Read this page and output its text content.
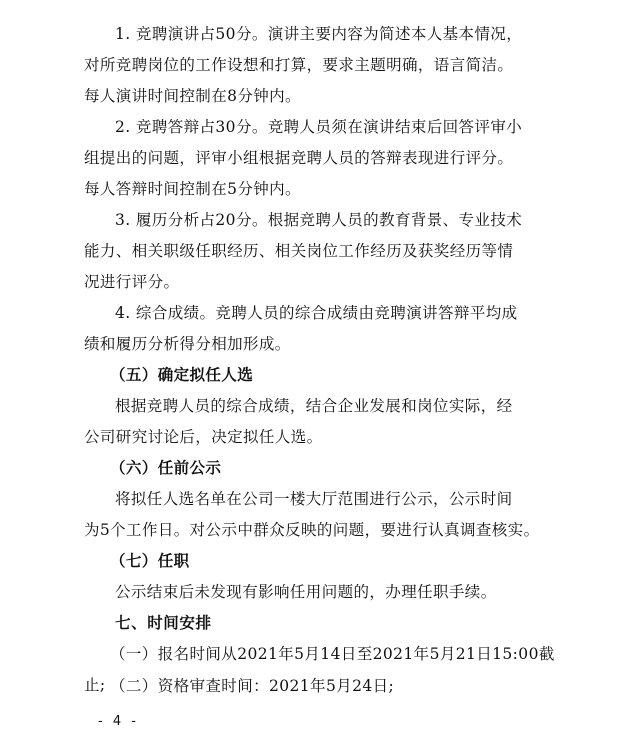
1. 竞聘演讲占50分。演讲主要内容为简述本人基本情况，
对所竞聘岗位的工作设想和打算，要求主题明确，语言简洁。
每人演讲时间控制在8分钟内。
2. 竞聘答辩占30分。竞聘人员须在演讲结束后回答评审小
组提出的问题，评审小组根据竞聘人员的答辩表现进行评分。
每人答辩时间控制在5分钟内。
3. 履历分析占20分。根据竞聘人员的教育背景、专业技术
能力、相关职级任职经历、相关岗位工作经历及获奖经历等情
况进行评分。
4. 综合成绩。竞聘人员的综合成绩由竞聘演讲答辩平均成
绩和履历分析得分相加形成。
（五）确定拟任人选
根据竞聘人员的综合成绩，结合企业发展和岗位实际，经
公司研究讨论后，决定拟任人选。
（六）任前公示
将拟任人选名单在公司一楼大厅范围进行公示，公示时间
为5个工作日。对公示中群众反映的问题，要进行认真调查核实。
（七）任职
公示结束后未发现有影响任用问题的，办理任职手续。
七、时间安排
（一）报名时间从2021年5月14日至2021年5月21日15:00截
止;
- 4 -
（二）资格审查时间：2021年5月24日;
